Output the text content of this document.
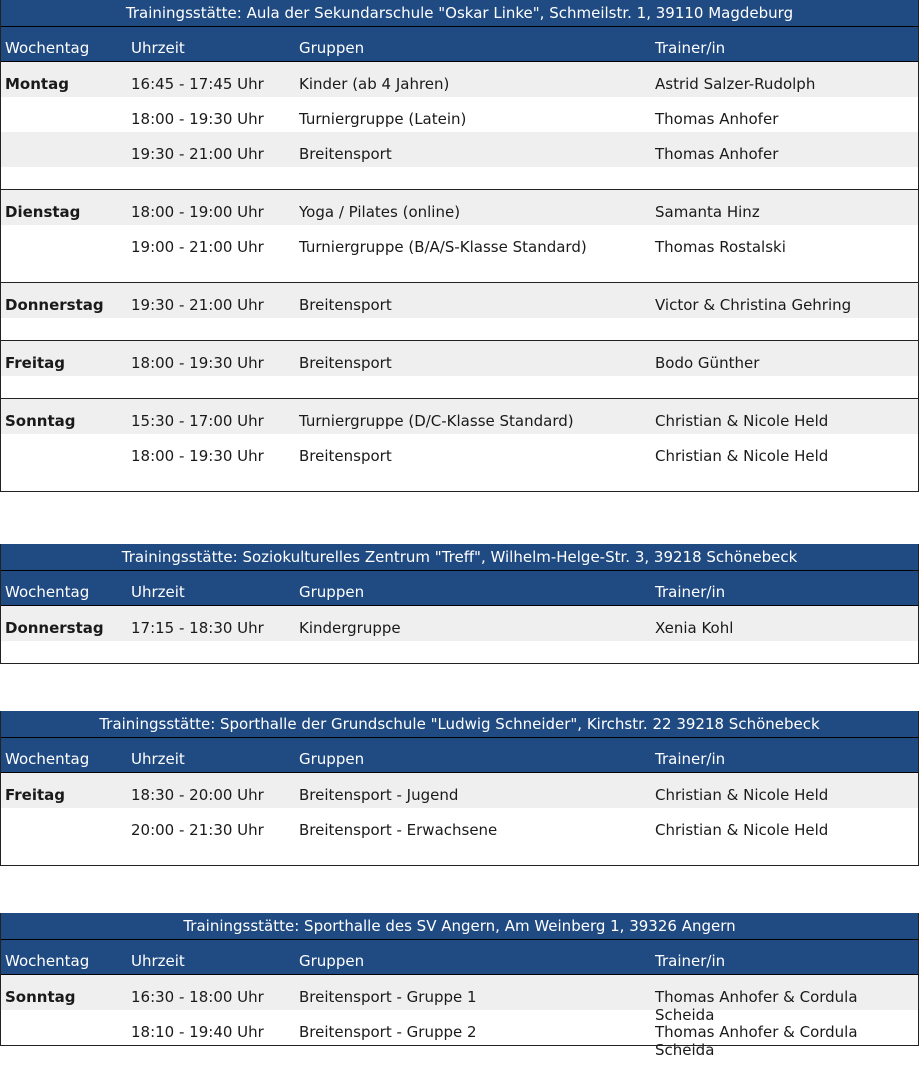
Trainingsstätte: Aula der Sekundarschule "Oskar Linke", Schmeilstr. 1, 39110 Magdeburg
Wochentag	Uhrzeit	Gruppen	Trainer/in
Montag	16:45 - 17:45 Uhr Kinder (ab 4 Jahren)	Astrid Salzer-Rudolph
18:00 - 19:30 Uhr Turniergruppe (Latein)	Thomas Anhofer
19:30 - 21:00 Uhr Breitensport	Thomas Anhofer
Dienstag	18:00 - 19:00 Uhr Yoga / Pilates (online)	Samanta Hinz
19:00 - 21:00 Uhr Turniergruppe (B/A/S-Klasse Standard)	Thomas Rostalski
Donnerstag 19:30 - 21:00 Uhr Breitensport	Victor & Christina Gehring
Freitag	18:00 - 19:30 Uhr Breitensport	Bodo Günther
Sonntag	15:30 - 17:00 Uhr Turniergruppe (D/C-Klasse Standard)	Christian & Nicole Held
18:00 - 19:30 Uhr Breitensport	Christian & Nicole Held
Trainingsstätte: Soziokulturelles Zentrum "Treff", Wilhelm-Helge-Str. 3, 39218 Schönebeck
Wochentag	Uhrzeit	Gruppen	Trainer/in
Donnerstag 17:15 - 18:30 Uhr Kindergruppe	Xenia Kohl
Trainingsstätte: Sporthalle der Grundschule "Ludwig Schneider", Kirchstr. 22 39218 Schönebeck
Wochentag	Uhrzeit	Gruppen	Trainer/in
Freitag	18:30 - 20:00 Uhr Breitensport - Jugend	Christian & Nicole Held
20:00 - 21:30 Uhr Breitensport - Erwachsene	Christian & Nicole Held
Trainingsstätte: Sporthalle des SV Angern, Am Weinberg 1, 39326 Angern
Wochentag	Uhrzeit	Gruppen	Trainer/in
Sonntag	16:30 - 18:00 Uhr Breitensport - Gruppe 1	Thomas Anhofer & Cordula Scheida
18:10 - 19:40 Uhr Breitensport - Gruppe 2	Thomas Anhofer & Cordula Scheida
